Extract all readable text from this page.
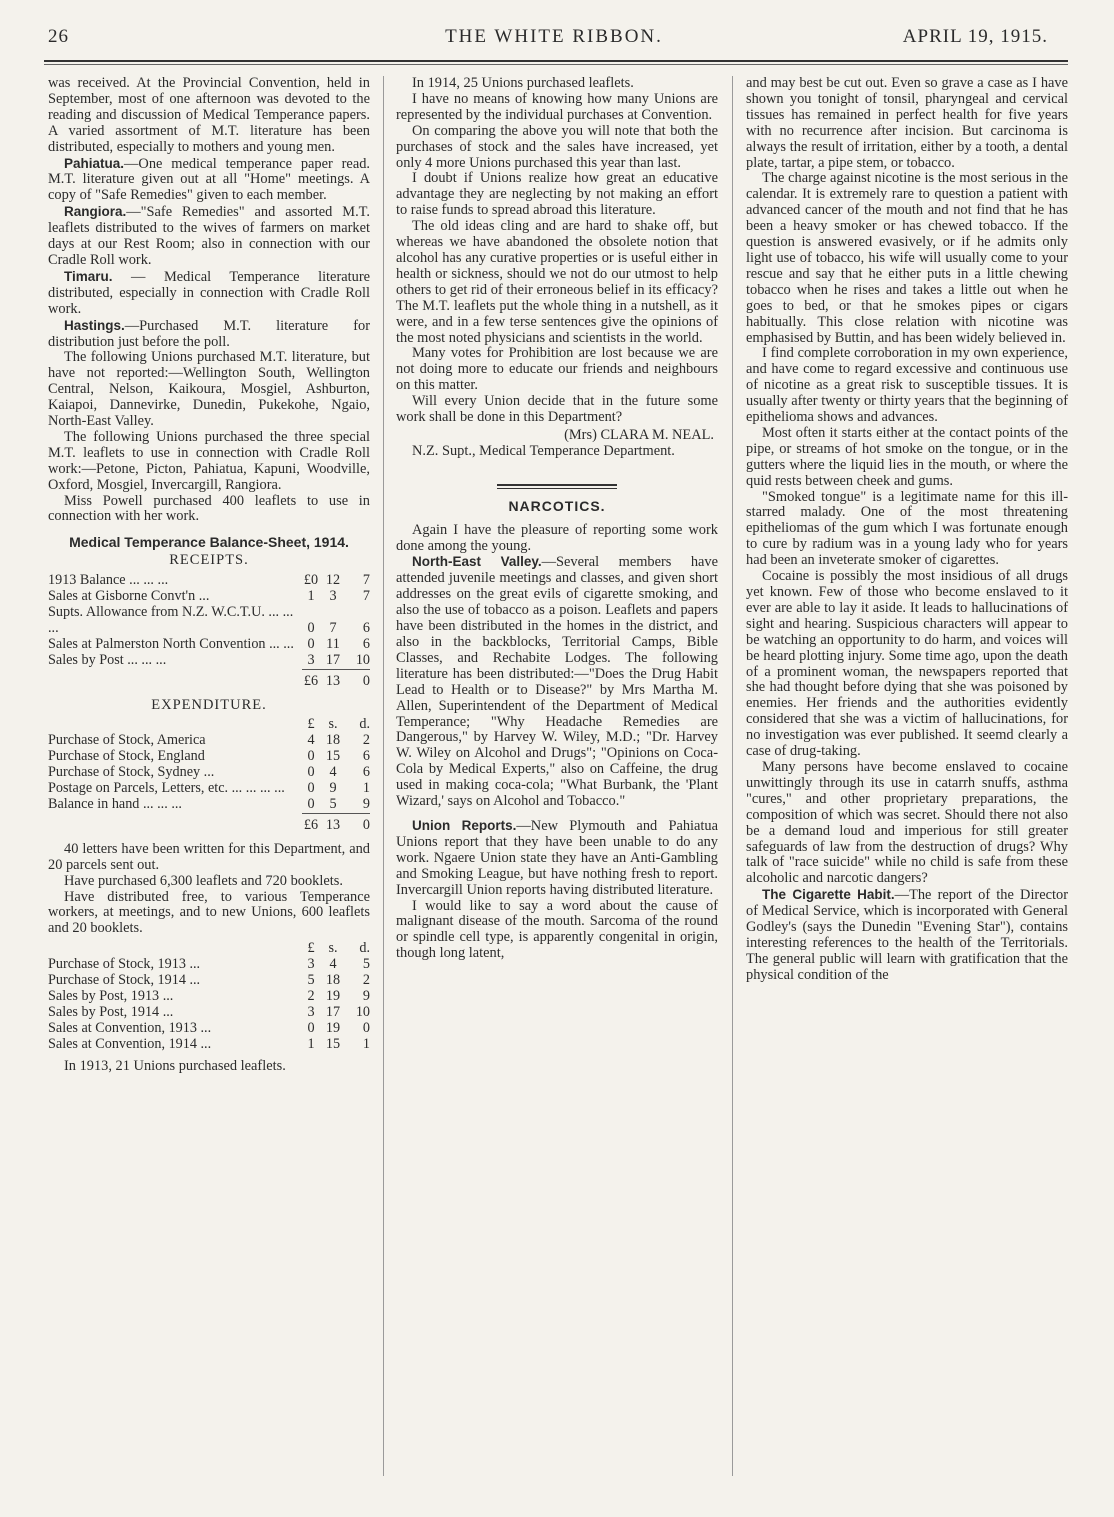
26	THE WHITE RIBBON.	APRIL 19, 1915.

was received. At the Provincial Convention, held in September, most of one afternoon was devoted to the reading and discussion of Medical Temperance papers. A varied assortment of M.T. literature has been distributed, especially to mothers and young men.

Pahiatua.—One medical temperance paper read. M.T. literature given out at all "Home" meetings. A copy of "Safe Remedies" given to each member.

Rangiora.—"Safe Remedies" and assorted M.T. leaflets distributed to the wives of farmers on market days at our Rest Room; also in connection with our Cradle Roll work.

Timaru. — Medical Temperance literature distributed, especially in connection with Cradle Roll work.

Hastings.—Purchased M.T. literature for distribution just before the poll.

The following Unions purchased M.T. literature, but have not reported:—Wellington South, Wellington Central, Nelson, Kaikoura, Mosgiel, Ashburton, Kaiapoi, Dannevirke, Dunedin, Pukekohe, Ngaio, North-East Valley.

The following Unions purchased the three special M.T. leaflets to use in connection with Cradle Roll work:—Petone, Picton, Pahiatua, Kapuni, Woodville, Oxford, Mosgiel, Invercargill, Rangiora.

Miss Powell purchased 400 leaflets to use in connection with her work.

Medical Temperance Balance-Sheet, 1914.
RECEIPTS.
1913 Balance ... ... ...	£0	12	7
Sales at Gisborne Convt'n ...	1	3	7
Supts. Allowance from N.Z. W.C.T.U. ... ... ...	0	7	6
Sales at Palmerston North Convention ... ...	0	11	6
Sales by Post ... ... ...	3	17	10
	£6	13	0
EXPENDITURE.
	£	s.	d.
Purchase of Stock, America	4	18	2
Purchase of Stock, England	0	15	6
Purchase of Stock, Sydney ...	0	4	6
Postage on Parcels, Letters, etc. ... ... ... ...	0	9	1
Balance in hand ... ... ...	0	5	9
	£6	13	0

40 letters have been written for this Department, and 20 parcels sent out.

Have purchased 6,300 leaflets and 720 booklets.

Have distributed free, to various Temperance workers, at meetings, and to new Unions, 600 leaflets and 20 booklets.

	£	s.	d.
Purchase of Stock, 1913 ...	3	4	5
Purchase of Stock, 1914 ...	5	18	2
Sales by Post, 1913 ...	2	19	9
Sales by Post, 1914 ...	3	17	10
Sales at Convention, 1913 ...	0	19	0
Sales at Convention, 1914 ...	1	15	1

In 1913, 21 Unions purchased leaflets.

In 1914, 25 Unions purchased leaflets.

I have no means of knowing how many Unions are represented by the individual purchases at Convention.

On comparing the above you will note that both the purchases of stock and the sales have increased, yet only 4 more Unions purchased this year than last.

I doubt if Unions realize how great an educative advantage they are neglecting by not making an effort to raise funds to spread abroad this literature.

The old ideas cling and are hard to shake off, but whereas we have abandoned the obsolete notion that alcohol has any curative properties or is useful either in health or sickness, should we not do our utmost to help others to get rid of their erroneous belief in its efficacy? The M.T. leaflets put the whole thing in a nutshell, as it were, and in a few terse sentences give the opinions of the most noted physicians and scientists in the world.

Many votes for Prohibition are lost because we are not doing more to educate our friends and neighbours on this matter.

Will every Union decide that in the future some work shall be done in this Department?

(Mrs) CLARA M. NEAL.

N.Z. Supt., Medical Temperance Department.

NARCOTICS.

Again I have the pleasure of reporting some work done among the young.

North-East Valley.—Several members have attended juvenile meetings and classes, and given short addresses on the great evils of cigarette smoking, and also the use of tobacco as a poison. Leaflets and papers have been distributed in the homes in the district, and also in the backblocks, Territorial Camps, Bible Classes, and Rechabite Lodges. The following literature has been distributed:—"Does the Drug Habit Lead to Health or to Disease?" by Mrs Martha M. Allen, Superintendent of the Department of Medical Temperance; "Why Headache Remedies are Dangerous," by Harvey W. Wiley, M.D.; "Dr. Harvey W. Wiley on Alcohol and Drugs"; "Opinions on Coca-Cola by Medical Experts," also on Caffeine, the drug used in making coca-cola; "What Burbank, the 'Plant Wizard,' says on Alcohol and Tobacco."

Union Reports.—New Plymouth and Pahiatua Unions report that they have been unable to do any work. Ngaere Union state they have an Anti-Gambling and Smoking League, but have nothing fresh to report. Invercargill Union reports having distributed literature.

I would like to say a word about the cause of malignant disease of the mouth. Sarcoma of the round or spindle cell type, is apparently congenital in origin, though long latent,

and may best be cut out. Even so grave a case as I have shown you tonight of tonsil, pharyngeal and cervical tissues has remained in perfect health for five years with no recurrence after incision. But carcinoma is always the result of irritation, either by a tooth, a dental plate, tartar, a pipe stem, or tobacco.

The charge against nicotine is the most serious in the calendar. It is extremely rare to question a patient with advanced cancer of the mouth and not find that he has been a heavy smoker or has chewed tobacco. If the question is answered evasively, or if he admits only light use of tobacco, his wife will usually come to your rescue and say that he either puts in a little chewing tobacco when he rises and takes a little out when he goes to bed, or that he smokes pipes or cigars habitually. This close relation with nicotine was emphasised by Buttin, and has been widely believed in.

I find complete corroboration in my own experience, and have come to regard excessive and continuous use of nicotine as a great risk to susceptible tissues. It is usually after twenty or thirty years that the beginning of epithelioma shows and advances.

Most often it starts either at the contact points of the pipe, or streams of hot smoke on the tongue, or in the gutters where the liquid lies in the mouth, or where the quid rests between cheek and gums.

"Smoked tongue" is a legitimate name for this ill-starred malady. One of the most threatening epitheliomas of the gum which I was fortunate enough to cure by radium was in a young lady who for years had been an inveterate smoker of cigarettes.

Cocaine is possibly the most insidious of all drugs yet known. Few of those who become enslaved to it ever are able to lay it aside. It leads to hallucinations of sight and hearing. Suspicious characters will appear to be watching an opportunity to do harm, and voices will be heard plotting injury. Some time ago, upon the death of a prominent woman, the newspapers reported that she had thought before dying that she was poisoned by enemies. Her friends and the authorities evidently considered that she was a victim of hallucinations, for no investigation was ever published. It seemd clearly a case of drug-taking.

Many persons have become enslaved to cocaine unwittingly through its use in catarrh snuffs, asthma "cures," and other proprietary preparations, the composition of which was secret. Should there not also be a demand loud and imperious for still greater safeguards of law from the destruction of drugs? Why talk of "race suicide" while no child is safe from these alcoholic and narcotic dangers?

The Cigarette Habit.—The report of the Director of Medical Service, which is incorporated with General Godley's (says the Dunedin "Evening Star"), contains interesting references to the health of the Territorials. The general public will learn with gratification that the physical condition of the
